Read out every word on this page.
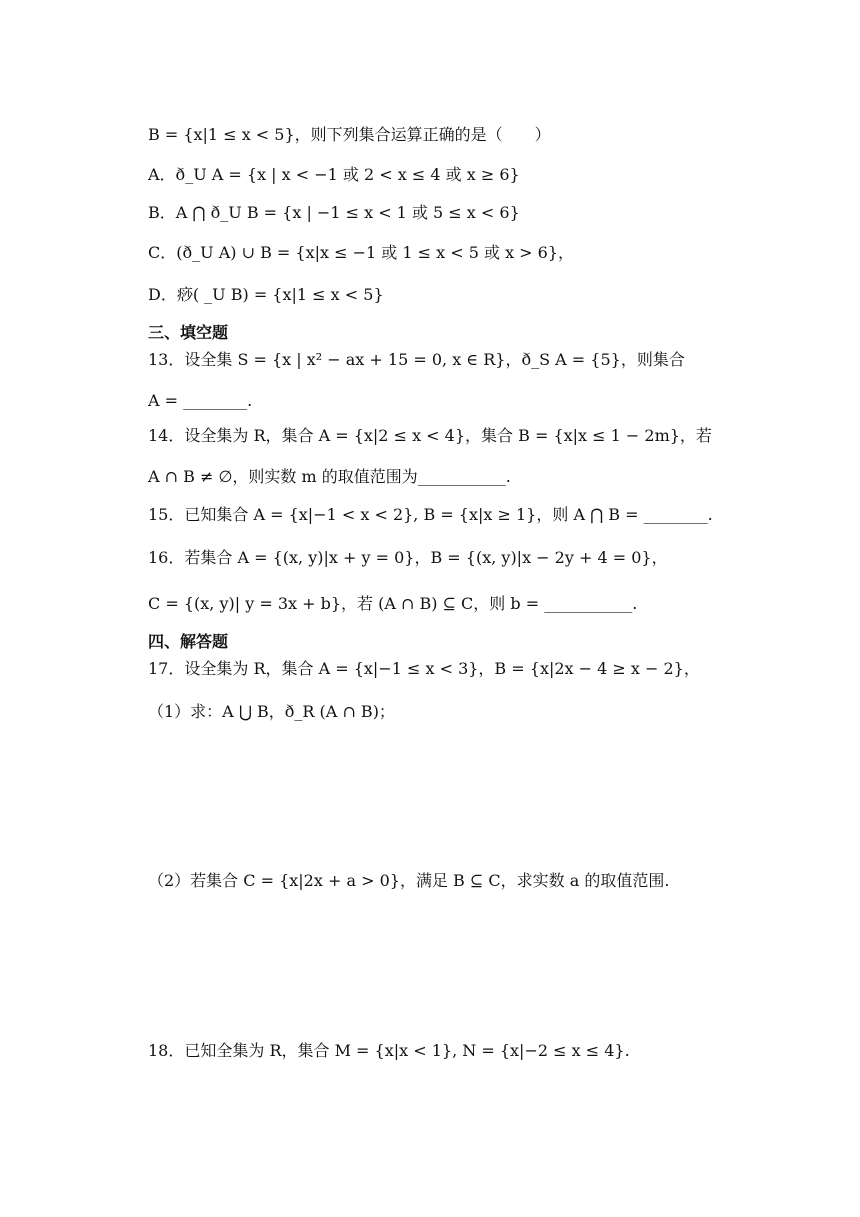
B = {x|1 ≤ x < 5}，则下列集合运算正确的是（　　）
A．ð_U A = {x | x < −1 或 2 < x ≤ 4 或 x ≥ 6}
B．A ⋂ ð_U B = {x | −1 ≤ x < 1 或 5 ≤ x < 6}
C．(ð_U A) ∪ B = {x|x ≤ −1 或 1 ≤ x < 5 或 x > 6}，
D．痧( _U B) = {x|1 ≤ x < 5}
三、填空题
13．设全集 S = {x | x² − ax + 15 = 0, x ∈ R}，ð_S A = {5}，则集合
A = ________.
14．设全集为 R，集合 A = {x|2 ≤ x < 4}，集合 B = {x|x ≤ 1 − 2m}，若
A ∩ B ≠ ∅，则实数 m 的取值范围为___________.
15．已知集合 A = {x|−1 < x < 2}, B = {x|x ≥ 1}，则 A ⋂ B = ________.
16．若集合 A = {(x, y)|x + y = 0}，B = {(x, y)|x − 2y + 4 = 0}，
C = {(x, y)| y = 3x + b}，若 (A ∩ B) ⊆ C，则 b = ___________.
四、解答题
17．设全集为 R，集合 A = {x|−1 ≤ x < 3}，B = {x|2x − 4 ≥ x − 2}，
（1）求：A ⋃ B，ð_R (A ∩ B)；
（2）若集合 C = {x|2x + a > 0}，满足 B ⊆ C，求实数 a 的取值范围.
18．已知全集为 R，集合 M = {x|x < 1}, N = {x|−2 ≤ x ≤ 4}.
